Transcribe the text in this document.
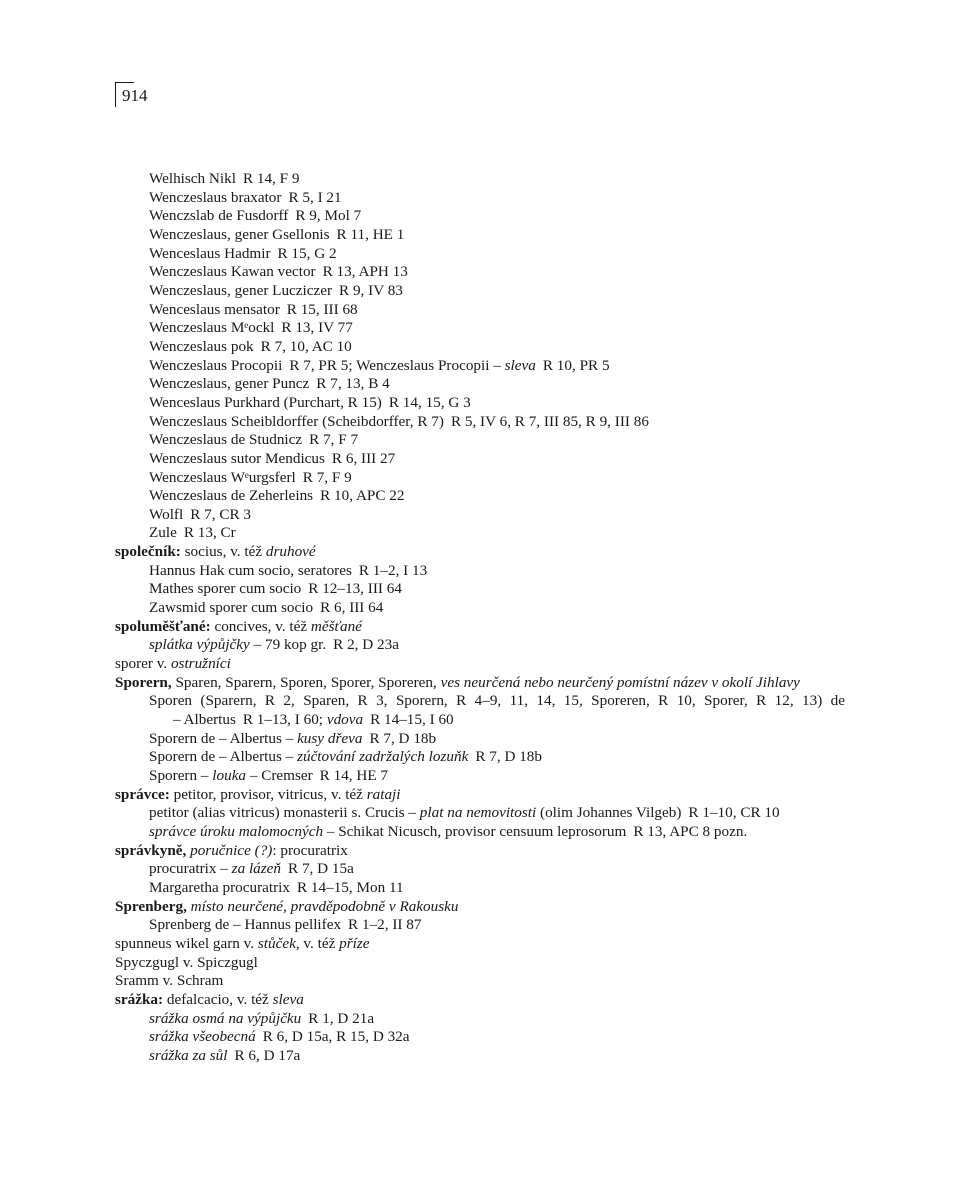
914
Welhisch Nikl R 14, F 9
Wenczeslaus braxator R 5, I 21
Wenczslab de Fusdorff R 9, Mol 7
Wenczeslaus, gener Gsellonis R 11, HE 1
Wenceslaus Hadmir R 15, G 2
Wenczeslaus Kawan vector R 13, APH 13
Wenczeslaus, gener Lucziczer R 9, IV 83
Wenceslaus mensator R 15, III 68
Wenczeslaus Mᵉockl R 13, IV 77
Wenczeslaus pok R 7, 10, AC 10
Wenczeslaus Procopii R 7, PR 5; Wenczeslaus Procopii – sleva R 10, PR 5
Wenczeslaus, gener Puncz R 7, 13, B 4
Wenceslaus Purkhard (Purchart, R 15) R 14, 15, G 3
Wenczeslaus Scheibldorffer (Scheibdorffer, R 7) R 5, IV 6, R 7, III 85, R 9, III 86
Wenczeslaus de Studnicz R 7, F 7
Wenczeslaus sutor Mendicus R 6, III 27
Wenczeslaus Wᵉurgsferl R 7, F 9
Wenczeslaus de Zeherleins R 10, APC 22
Wolfl R 7, CR 3
Zule R 13, Cr
společník: socius, v. též druhové
Hannus Hak cum socio, seratores R 1–2, I 13
Mathes sporer cum socio R 12–13, III 64
Zawsmid sporer cum socio R 6, III 64
spoluměšťané: concives, v. též měšťané
splátka výpůjčky – 79 kop gr. R 2, D 23a
sporer v. ostružníci
Sporern, Sparen, Sparern, Sporen, Sporer, Sporeren, ves neurčená nebo neurčený pomístní název v okolí Jihlavy
Sporen (Sparern, R 2, Sparen, R 3, Sporern, R 4–9, 11, 14, 15, Sporeren, R 10, Sporer, R 12, 13) de
– Albertus R 1–13, I 60; vdova R 14–15, I 60
Sporern de – Albertus – kusy dřeva R 7, D 18b
Sporern de – Albertus – zúčtování zadržalých lozuňk R 7, D 18b
Sporern – louka – Cremser R 14, HE 7
správce: petitor, provisor, vitricus, v. též rataji
petitor (alias vitricus) monasterii s. Crucis – plat na nemovitosti (olim Johannes Vilgeb) R 1–10, CR 10
správce úroku malomocných – Schikat Nicusch, provisor censuum leprosorum R 13, APC 8 pozn.
správkyně, poručnice (?): procuratrix
procuratrix – za lázeň R 7, D 15a
Margaretha procuratrix R 14–15, Mon 11
Sprenberg, místo neurčené, pravděpodobně v Rakousku
Sprenberg de – Hannus pellifex R 1–2, II 87
spunneus wikel garn v. stůček, v. též příze
Spyczgugl v. Spiczgugl
Sramm v. Schram
srážka: defalcacio, v. též sleva
srážka osmá na výpůjčku R 1, D 21a
srážka všeobecná R 6, D 15a, R 15, D 32a
srážka za sůl R 6, D 17a
